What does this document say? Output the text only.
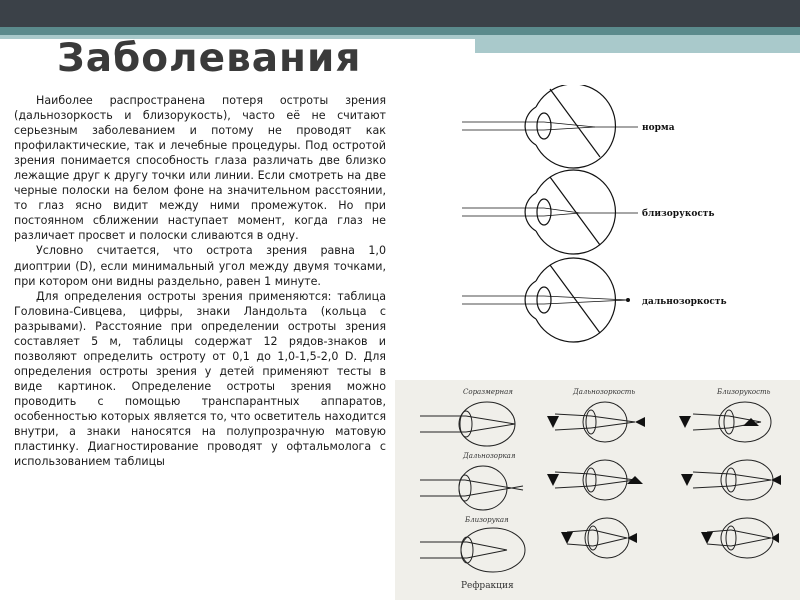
Заболевания

Наиболее распространена потеря остроты зрения (дальнозоркость и близорукость), часто её не считают серьезным заболеванием и потому не проводят как профилактические, так и лечебные процедуры. Под остротой зрения понимается способность глаза различать две близко лежащие друг к другу точки или линии. Если смотреть на две черные полоски на белом фоне на значительном расстоянии, то глаз ясно видит между ними промежуток. Но при постоянном сближении наступает момент, когда глаз не различает просвет и полоски сливаются в одну.

Условно считается, что острота зрения равна 1,0 диоптрии (D), если минимальный угол между двумя точками, при котором они видны раздельно, равен 1 минуте.

Для определения остроты зрения применяются: таблица Головина-Сивцева, цифры, знаки Ландольта (кольца с разрывами). Расстояние при определении остроты зрения составляет 5 м, таблицы содержат 12 рядов-знаков и позволяют определить остроту от 0,1 до 1,0-1,5-2,0 D. Для определения остроты зрения у детей применяют тесты в виде картинок. Определение остроты зрения можно проводить с помощью транспарантных аппаратов, особенностью которых является то, что осветитель находится внутри, а знаки наносятся на полупрозрачную матовую пластинку. Диагностирование проводят у офтальмолога с использованием таблицы

норма
близорукость
дальнозоркость
Соразмерная	Дальнозоркость	Близорукость
Дальнозоркая
Близорукая
Рефракция
